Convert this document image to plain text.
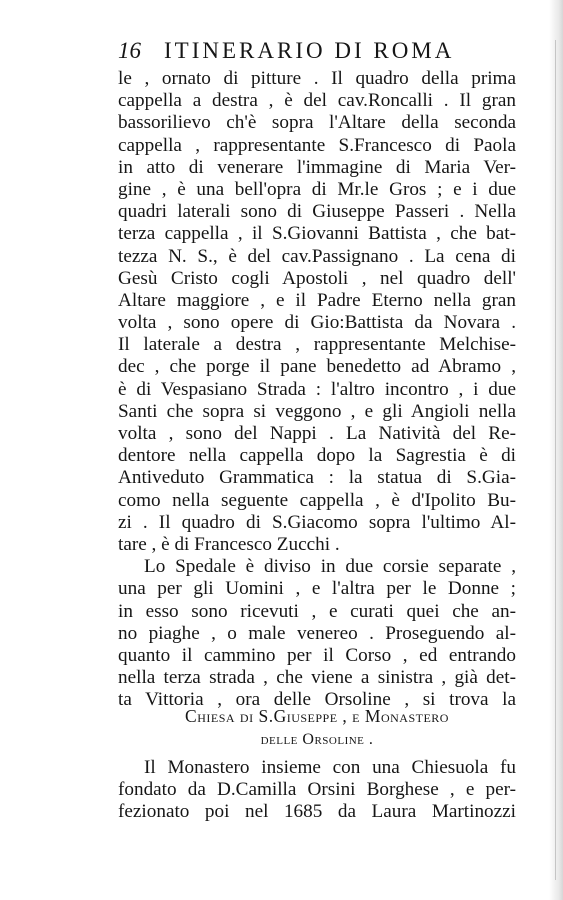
16 ITINERARIO DI ROMA
le , ornato di pitture . Il quadro della prima
cappella a destra , è del cav.Roncalli . Il gran
bassorilievo ch'è sopra l'Altare della seconda
cappella , rappresentante S.Francesco di Paola
in atto di venerare l'immagine di Maria Ver-
gine , è una bell'opra di Mr.le Gros ; e i due
quadri laterali sono di Giuseppe Passeri . Nella
terza cappella , il S.Giovanni Battista , che bat-
tezza N. S., è del cav.Passignano . La cena di
Gesù Cristo cogli Apostoli , nel quadro dell'
Altare maggiore , e il Padre Eterno nella gran
volta , sono opere di Gio:Battista da Novara .
Il laterale a destra , rappresentante Melchise-
dec , che porge il pane benedetto ad Abramo ,
è di Vespasiano Strada : l'altro incontro , i due
Santi che sopra si veggono , e gli Angioli nella
volta , sono del Nappi . La Natività del Re-
dentore nella cappella dopo la Sagrestia è di
Antiveduto Grammatica : la statua di S.Gia-
como nella seguente cappella , è d'Ipolito Bu-
zi . Il quadro di S.Giacomo sopra l'ultimo Al-
tare , è di Francesco Zucchi .
Lo Spedale è diviso in due corsie separate ,
una per gli Uomini , e l'altra per le Donne ;
in esso sono ricevuti , e curati quei che an-
no piaghe , o male venereo . Proseguendo al-
quanto il cammino per il Corso , ed entrando
nella terza strada , che viene a sinistra , già det-
ta Vittoria , ora delle Orsoline , si trova la
Chiesa di S.Giuseppe , e Monastero
delle Orsoline .
Il Monastero insieme con una Chiesuola fu
fondato da D.Camilla Orsini Borghese , e per-
fezionato poi nel 1685 da Laura Martinozzi
